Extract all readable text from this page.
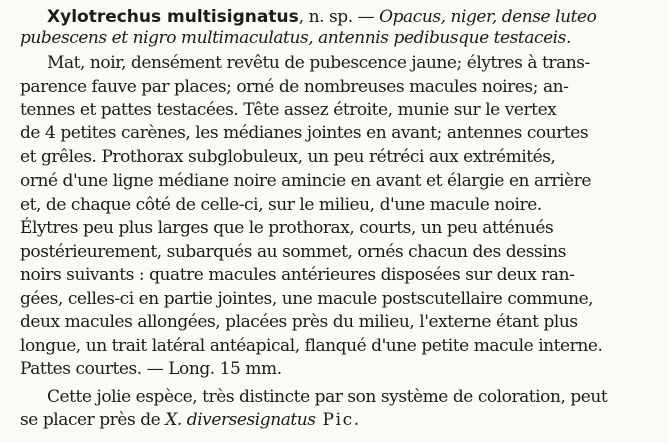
Xylotrechus multisignatus, n. sp. — Opacus, niger, dense luteo
pubescens et nigro multimaculatus, antennis pedibusque testaceis.
Mat, noir, densément revêtu de pubescence jaune; élytres à trans-
parence fauve par places; orné de nombreuses macules noires; an-
tennes et pattes testacées. Tête assez étroite, munie sur le vertex
de 4 petites carènes, les médianes jointes en avant; antennes courtes
et grêles. Prothorax subglobuleux, un peu rétréci aux extrémités,
orné d'une ligne médiane noire amincie en avant et élargie en arrière
et, de chaque côté de celle-ci, sur le milieu, d'une macule noire.
Élytres peu plus larges que le prothorax, courts, un peu atténués
postérieurement, subarqués au sommet, ornés chacun des dessins
noirs suivants : quatre macules antérieures disposées sur deux ran-
gées, celles-ci en partie jointes, une macule postscutellaire commune,
deux macules allongées, placées près du milieu, l'externe étant plus
longue, un trait latéral antéapical, flanqué d'une petite macule interne.
Pattes courtes. — Long. 15 mm.
Cette jolie espèce, très distincte par son système de coloration, peut
se placer près de X. diversesignatus Pic.
